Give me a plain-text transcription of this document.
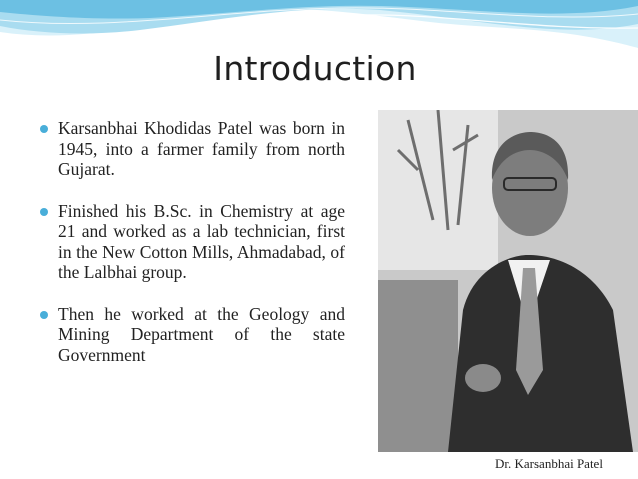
Introduction
Karsanbhai Khodidas Patel was born in 1945, into a farmer family from north Gujarat.
Finished his B.Sc. in Chemistry at age 21 and worked as a lab technician, first in the New Cotton Mills, Ahmadabad, of the Lalbhai group.
Then he worked at the Geology and Mining Department of the state Government
Dr. Karsanbhai Patel
